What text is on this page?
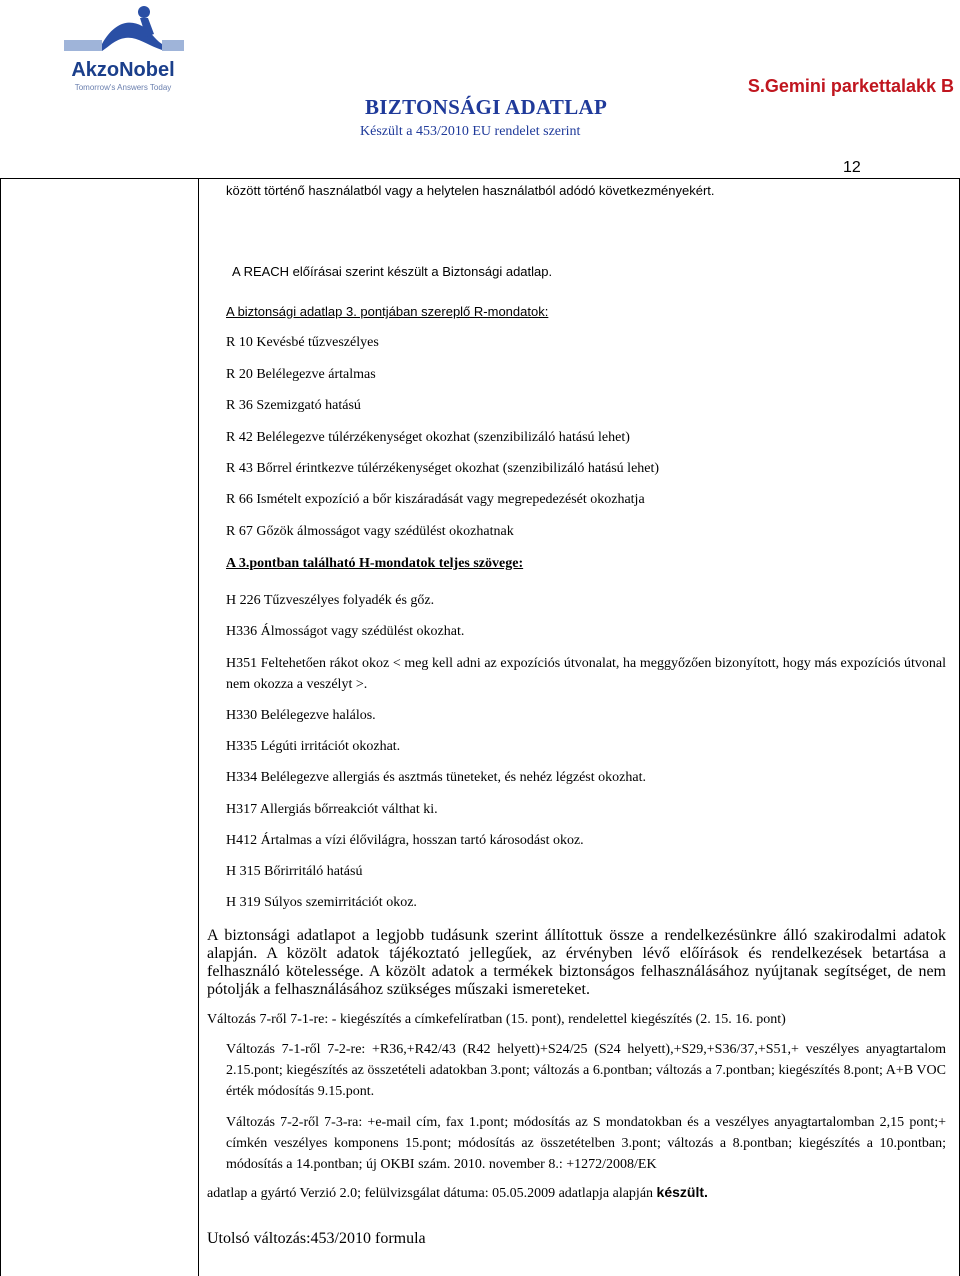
AkzoNobel
Tomorrow's Answers Today
BIZTONSÁGI ADATLAP
Készült a 453/2010 EU rendelet szerint
S.Gemini parkettalakk B
12
között történő használatból vagy a helytelen használatból adódó következményekért.
A REACH előírásai szerint készült a Biztonsági adatlap.
A biztonsági adatlap 3. pontjában szereplő R-mondatok:
R 10 Kevésbé tűzveszélyes
R 20 Belélegezve ártalmas
R 36 Szemizgató hatású
R 42 Belélegezve túlérzékenységet okozhat (szenzibilizáló hatású lehet)
R 43 Bőrrel érintkezve túlérzékenységet okozhat (szenzibilizáló hatású lehet)
R 66 Ismételt expozíció a bőr kiszáradását vagy megrepedezését okozhatja
R 67 Gőzök álmosságot vagy szédülést okozhatnak
A 3.pontban található H-mondatok teljes szövege:
H 226 Tűzveszélyes folyadék és gőz.
H336 Álmosságot vagy szédülést okozhat.
H351 Feltehetően rákot okoz < meg kell adni az expozíciós útvonalat, ha meggyőzően bizonyított, hogy más expozíciós útvonal nem okozza a veszélyt >.
H330 Belélegezve halálos.
H335 Légúti irritációt okozhat.
H334 Belélegezve allergiás és asztmás tüneteket, és nehéz légzést okozhat.
H317 Allergiás bőrreakciót válthat ki.
H412 Ártalmas a vízi élővilágra, hosszan tartó károsodást okoz.
H 315 Bőrirritáló hatású
H 319 Súlyos szemirritációt okoz.
A biztonsági adatlapot a legjobb tudásunk szerint állítottuk össze a rendelkezésünkre álló szakirodalmi adatok alapján. A közölt adatok tájékoztató jellegűek, az érvényben lévő előírások és rendelkezések betartása a felhasználó kötelessége. A közölt adatok a termékek biztonságos felhasználásához nyújtanak segítséget, de nem pótolják a felhasználásához szükséges műszaki ismereteket.
Változás 7-ről 7-1-re: - kiegészítés a címkefelíratban (15. pont), rendelettel kiegészítés (2. 15. 16. pont)
Változás 7-1-ről 7-2-re: +R36,+R42/43 (R42 helyett)+S24/25 (S24 helyett),+S29,+S36/37,+S51,+ veszélyes anyagtartalom 2.15.pont; kiegészítés az összetételi adatokban 3.pont; változás a 6.pontban; változás a 7.pontban; kiegészítés 8.pont; A+B VOC érték módosítás 9.15.pont.
Változás 7-2-ről 7-3-ra: +e-mail cím, fax 1.pont; módosítás az S mondatokban és a veszélyes anyagtartalomban 2,15 pont;+ címkén veszélyes komponens 15.pont; módosítás az összetételben 3.pont; változás a 8.pontban; kiegészítés a 10.pontban; módosítás a 14.pontban; új OKBI szám. 2010. november 8.: +1272/2008/EK
adatlap a gyártó Verzió 2.0; felülvizsgálat dátuma: 05.05.2009 adatlapja alapján készült.
Utolsó változás:453/2010 formula
